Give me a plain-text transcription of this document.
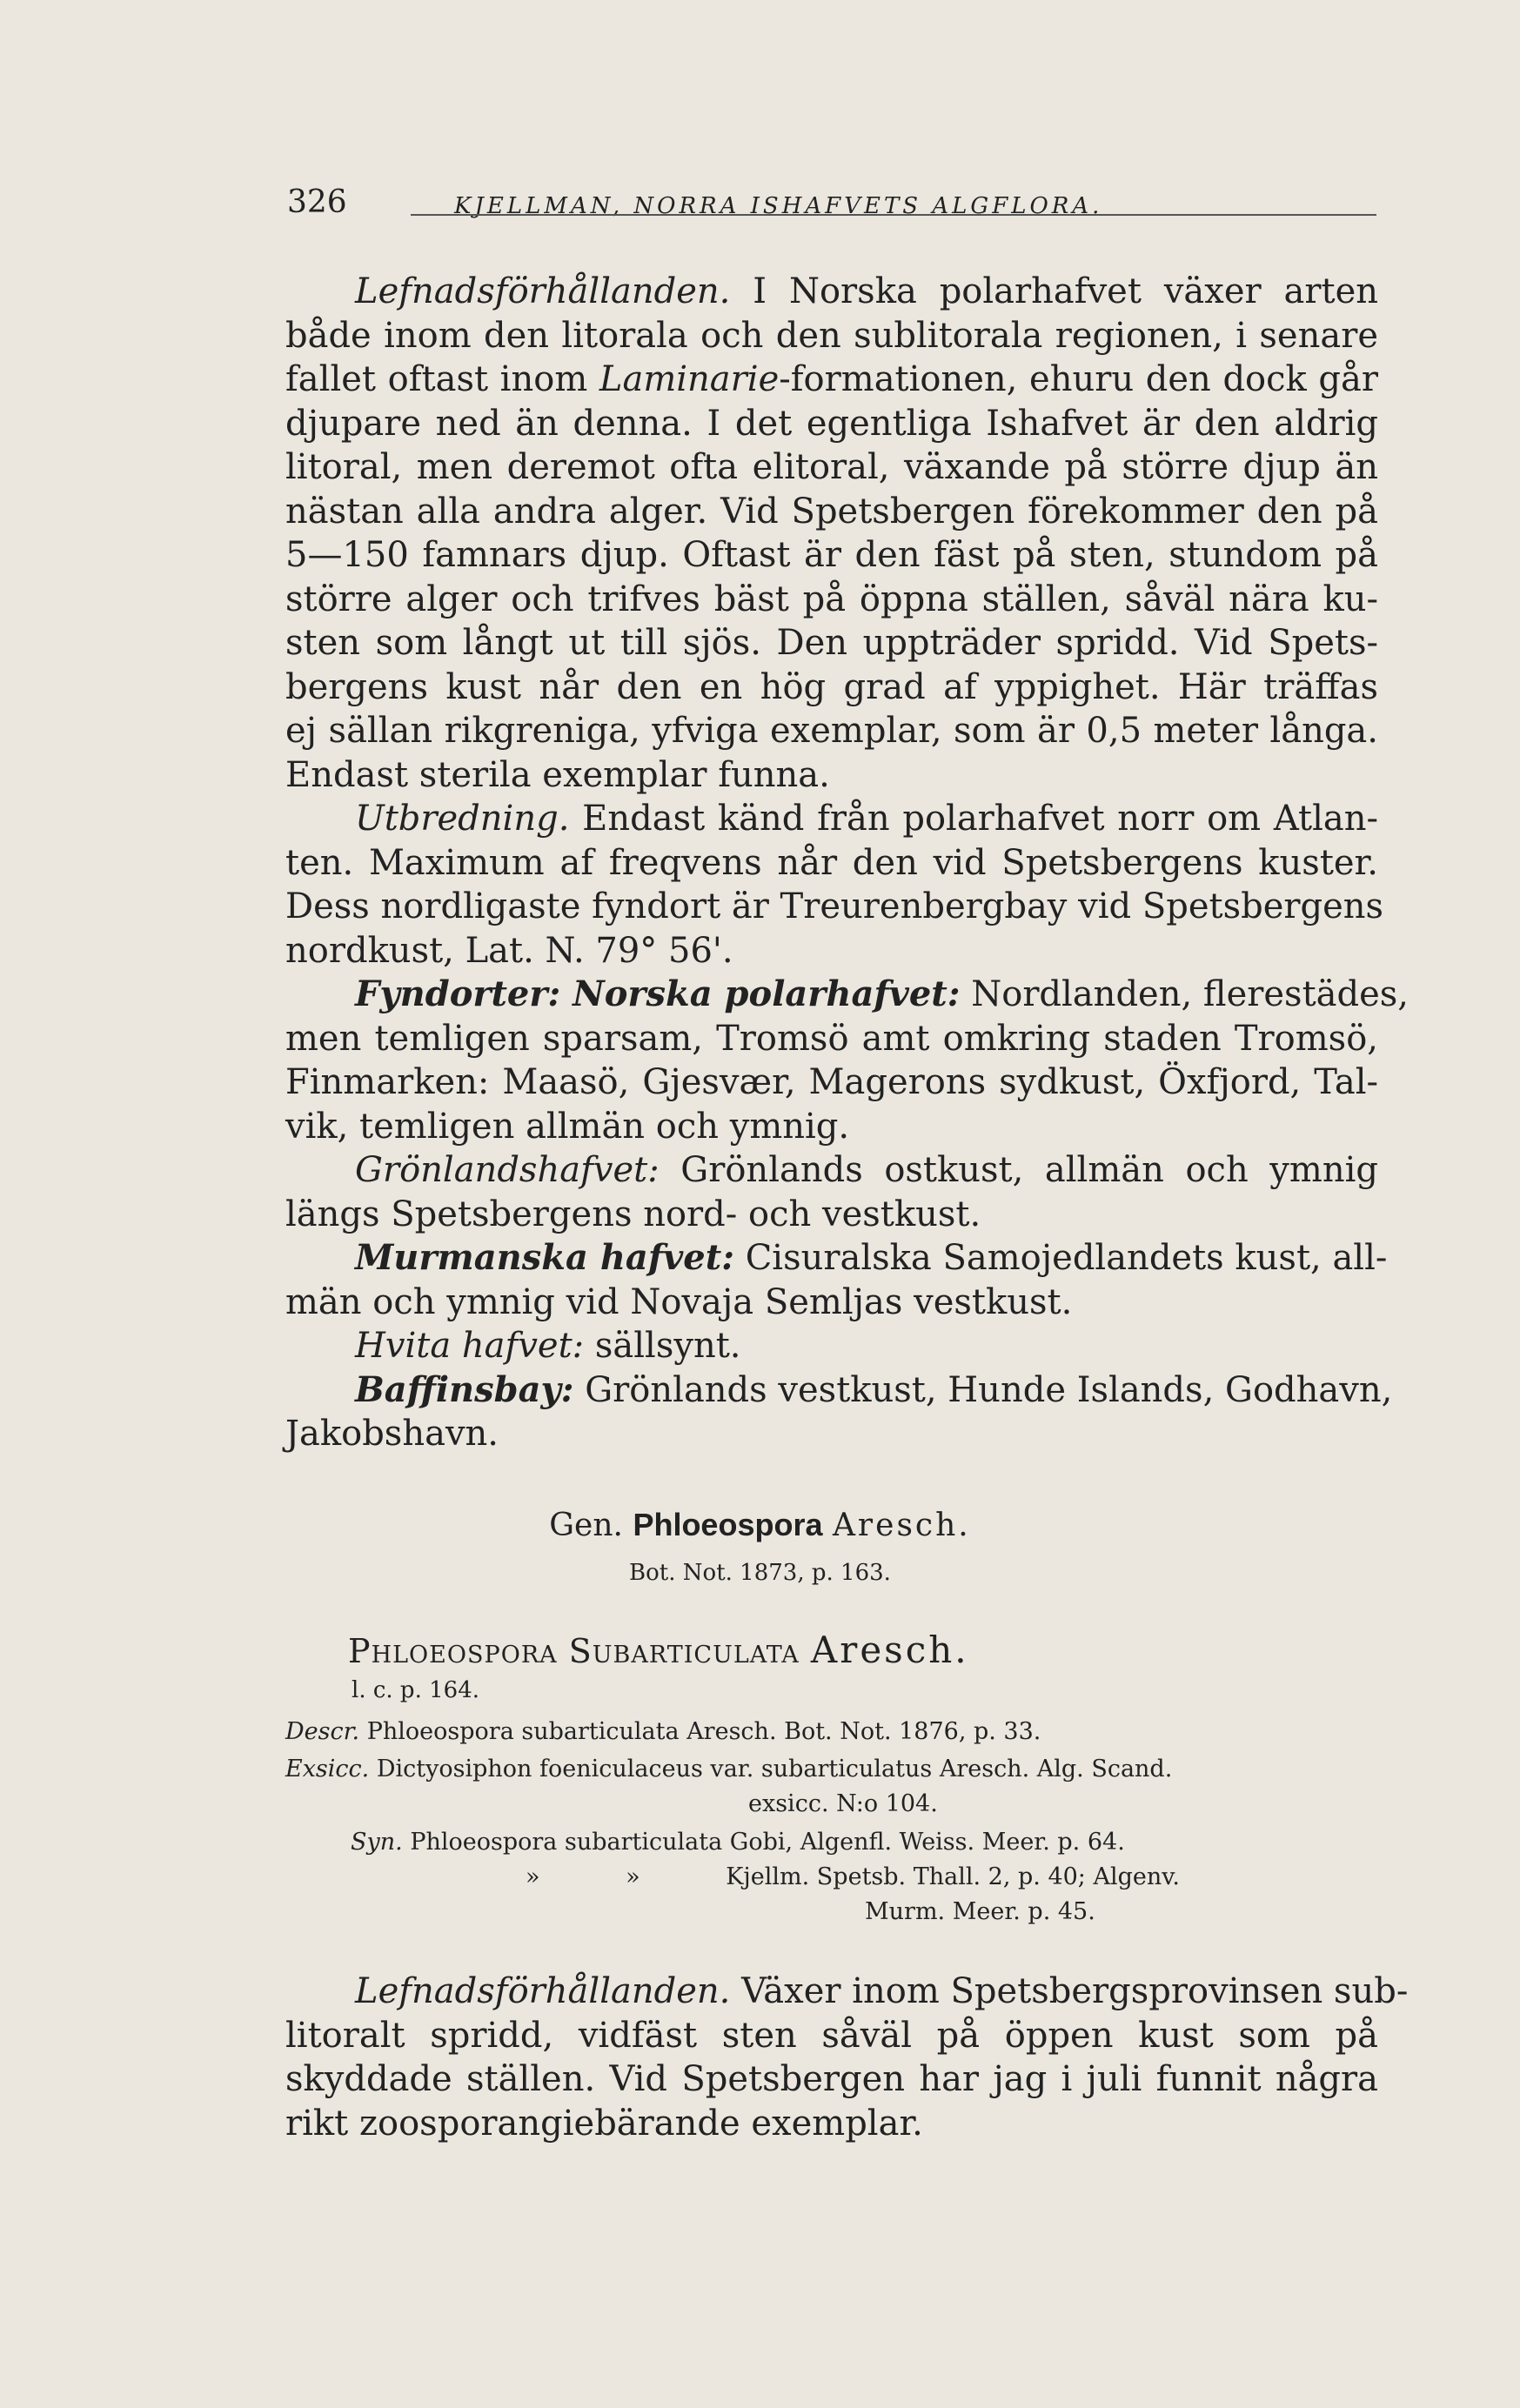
326	KJELLMAN, NORRA ISHAFVETS ALGFLORA.
Lefnadsförhållanden. I Norska polarhafvet växer arten
både inom den litorala och den sublitorala regionen, i senare
fallet oftast inom Laminarie-formationen, ehuru den dock går
djupare ned än denna. I det egentliga Ishafvet är den aldrig
litoral, men deremot ofta elitoral, växande på större djup än
nästan alla andra alger. Vid Spetsbergen förekommer den på
5—150 famnars djup. Oftast är den fäst på sten, stundom på
större alger och trifves bäst på öppna ställen, såväl nära ku-
sten som långt ut till sjös. Den uppträder spridd. Vid Spets-
bergens kust når den en hög grad af yppighet. Här träffas
ej sällan rikgreniga, yfviga exemplar, som är 0,5 meter långa.
Endast sterila exemplar funna.
Utbredning. Endast känd från polarhafvet norr om Atlan-
ten. Maximum af freqvens når den vid Spetsbergens kuster.
Dess nordligaste fyndort är Treurenbergbay vid Spetsbergens
nordkust, Lat. N. 79° 56'.
Fyndorter: Norska polarhafvet: Nordlanden, flerestädes,
men temligen sparsam, Tromsö amt omkring staden Tromsö,
Finmarken: Maasö, Gjesvær, Magerons sydkust, Öxfjord, Tal-
vik, temligen allmän och ymnig.
Grönlandshafvet: Grönlands ostkust, allmän och ymnig
längs Spetsbergens nord- och vestkust.
Murmanska hafvet: Cisuralska Samojedlandets kust, all-
män och ymnig vid Novaja Semljas vestkust.
Hvita hafvet: sällsynt.
Baffinsbay: Grönlands vestkust, Hunde Islands, Godhavn,
Jakobshavn.
Gen. Phloeospora Aresch.
Bot. Not. 1873, p. 163.
Phloeospora Subarticulata Aresch.
l. c. p. 164.
Descr. Phloeospora subarticulata Aresch. Bot. Not. 1876, p. 33.
Exsicc. Dictyosiphon foeniculaceus var. subarticulatus Aresch. Alg. Scand.
exsicc. N:o 104.
Syn. Phloeospora subarticulata Gobi, Algenfl. Weiss. Meer. p. 64.
»	»	Kjellm. Spetsb. Thall. 2, p. 40; Algenv.
Murm. Meer. p. 45.
Lefnadsförhållanden. Växer inom Spetsbergsprovinsen sub-
litoralt spridd, vidfäst sten såväl på öppen kust som på
skyddade ställen. Vid Spetsbergen har jag i juli funnit några
rikt zoosporangiebärande exemplar.
